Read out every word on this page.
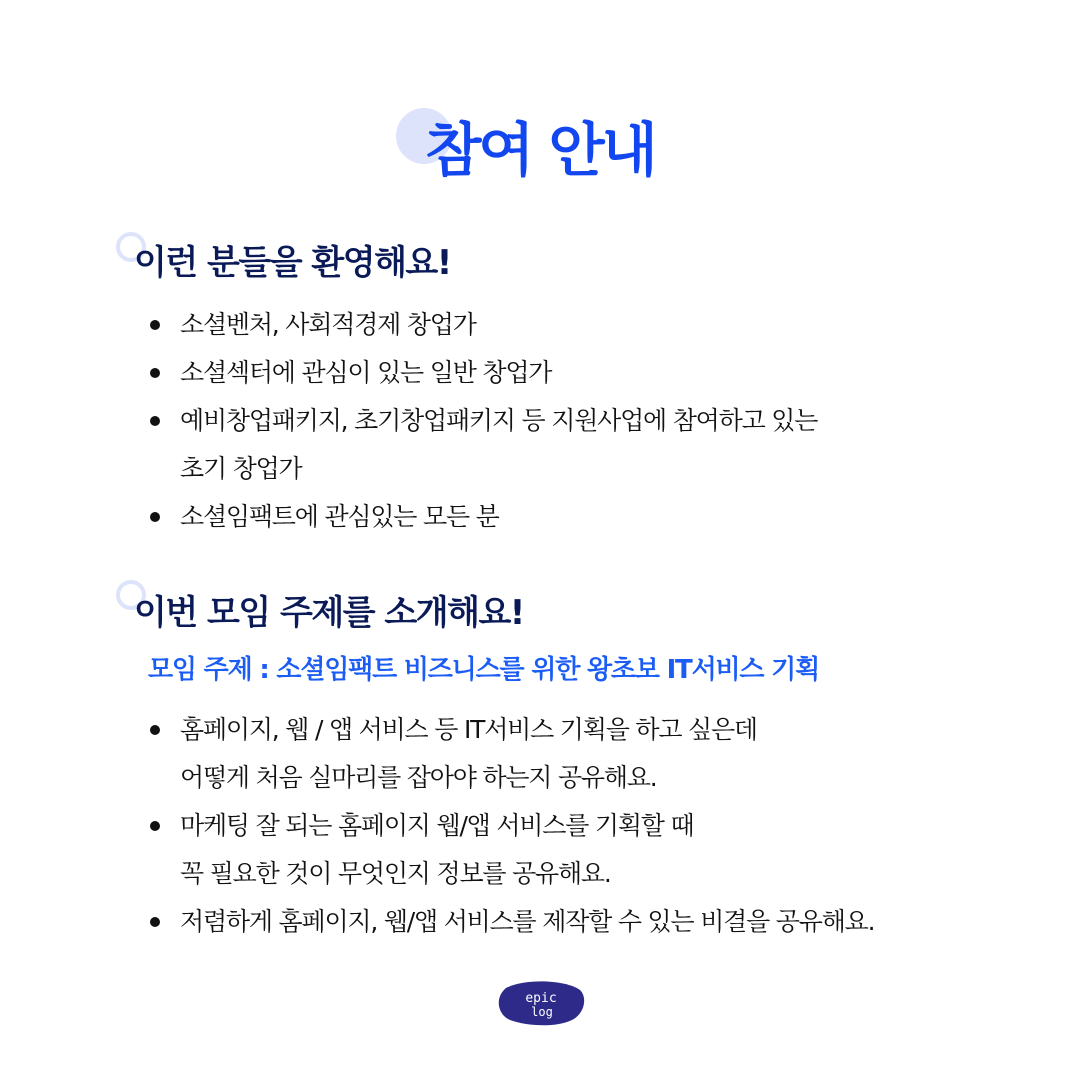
참여 안내
이런 분들을 환영해요!
소셜벤처, 사회적경제 창업가
소셜섹터에 관심이 있는 일반 창업가
예비창업패키지, 초기창업패키지 등 지원사업에 참여하고 있는
초기 창업가
소셜임팩트에 관심있는 모든 분
이번 모임 주제를 소개해요!
모임 주제 : 소셜임팩트 비즈니스를 위한 왕초보 IT서비스 기획
홈페이지, 웹 / 앱 서비스 등 IT서비스 기획을 하고 싶은데
어떻게 처음 실마리를 잡아야 하는지 공유해요.
마케팅 잘 되는 홈페이지 웹/앱 서비스를 기획할 때
꼭 필요한 것이 무엇인지 정보를 공유해요.
저렴하게 홈페이지, 웹/앱 서비스를 제작할 수 있는 비결을 공유해요.
epic
log
